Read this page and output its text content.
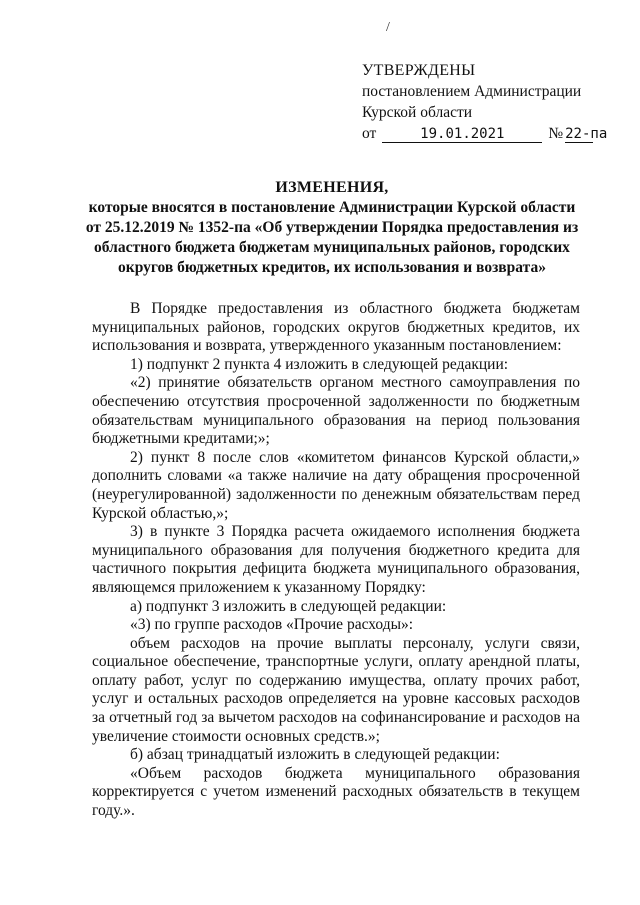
/
УТВЕРЖДЕНЫ
постановлением Администрации
Курской области
от	19.01.2021	№ 22-па
ИЗМЕНЕНИЯ,
которые вносятся в постановление Администрации Курской области от 25.12.2019 № 1352-па «Об утверждении Порядка предоставления из областного бюджета бюджетам муниципальных районов, городских округов бюджетных кредитов, их использования и возврата»

В Порядке предоставления из областного бюджета бюджетам муниципальных районов, городских округов бюджетных кредитов, их использования и возврата, утвержденного указанным постановлением:

1) подпункт 2 пункта 4 изложить в следующей редакции:

«2) принятие обязательств органом местного самоуправления по обеспечению отсутствия просроченной задолженности по бюджетным обязательствам муниципального образования на период пользования бюджетными кредитами;»;

2) пункт 8 после слов «комитетом финансов Курской области,» дополнить словами «а также наличие на дату обращения просроченной (неурегулированной) задолженности по денежным обязательствам перед Курской областью,»;

3) в пункте 3 Порядка расчета ожидаемого исполнения бюджета муниципального образования для получения бюджетного кредита для частичного покрытия дефицита бюджета муниципального образования, являющемся приложением к указанному Порядку:

а) подпункт 3 изложить в следующей редакции:

«3) по группе расходов «Прочие расходы»:

объем расходов на прочие выплаты персоналу, услуги связи, социальное обеспечение, транспортные услуги, оплату арендной платы, оплату работ, услуг по содержанию имущества, оплату прочих работ, услуг и остальных расходов определяется на уровне кассовых расходов за отчетный год за вычетом расходов на софинансирование и расходов на увеличение стоимости основных средств.»;

б) абзац тринадцатый изложить в следующей редакции:

«Объем расходов бюджета муниципального образования корректируется с учетом изменений расходных обязательств в текущем году.».
